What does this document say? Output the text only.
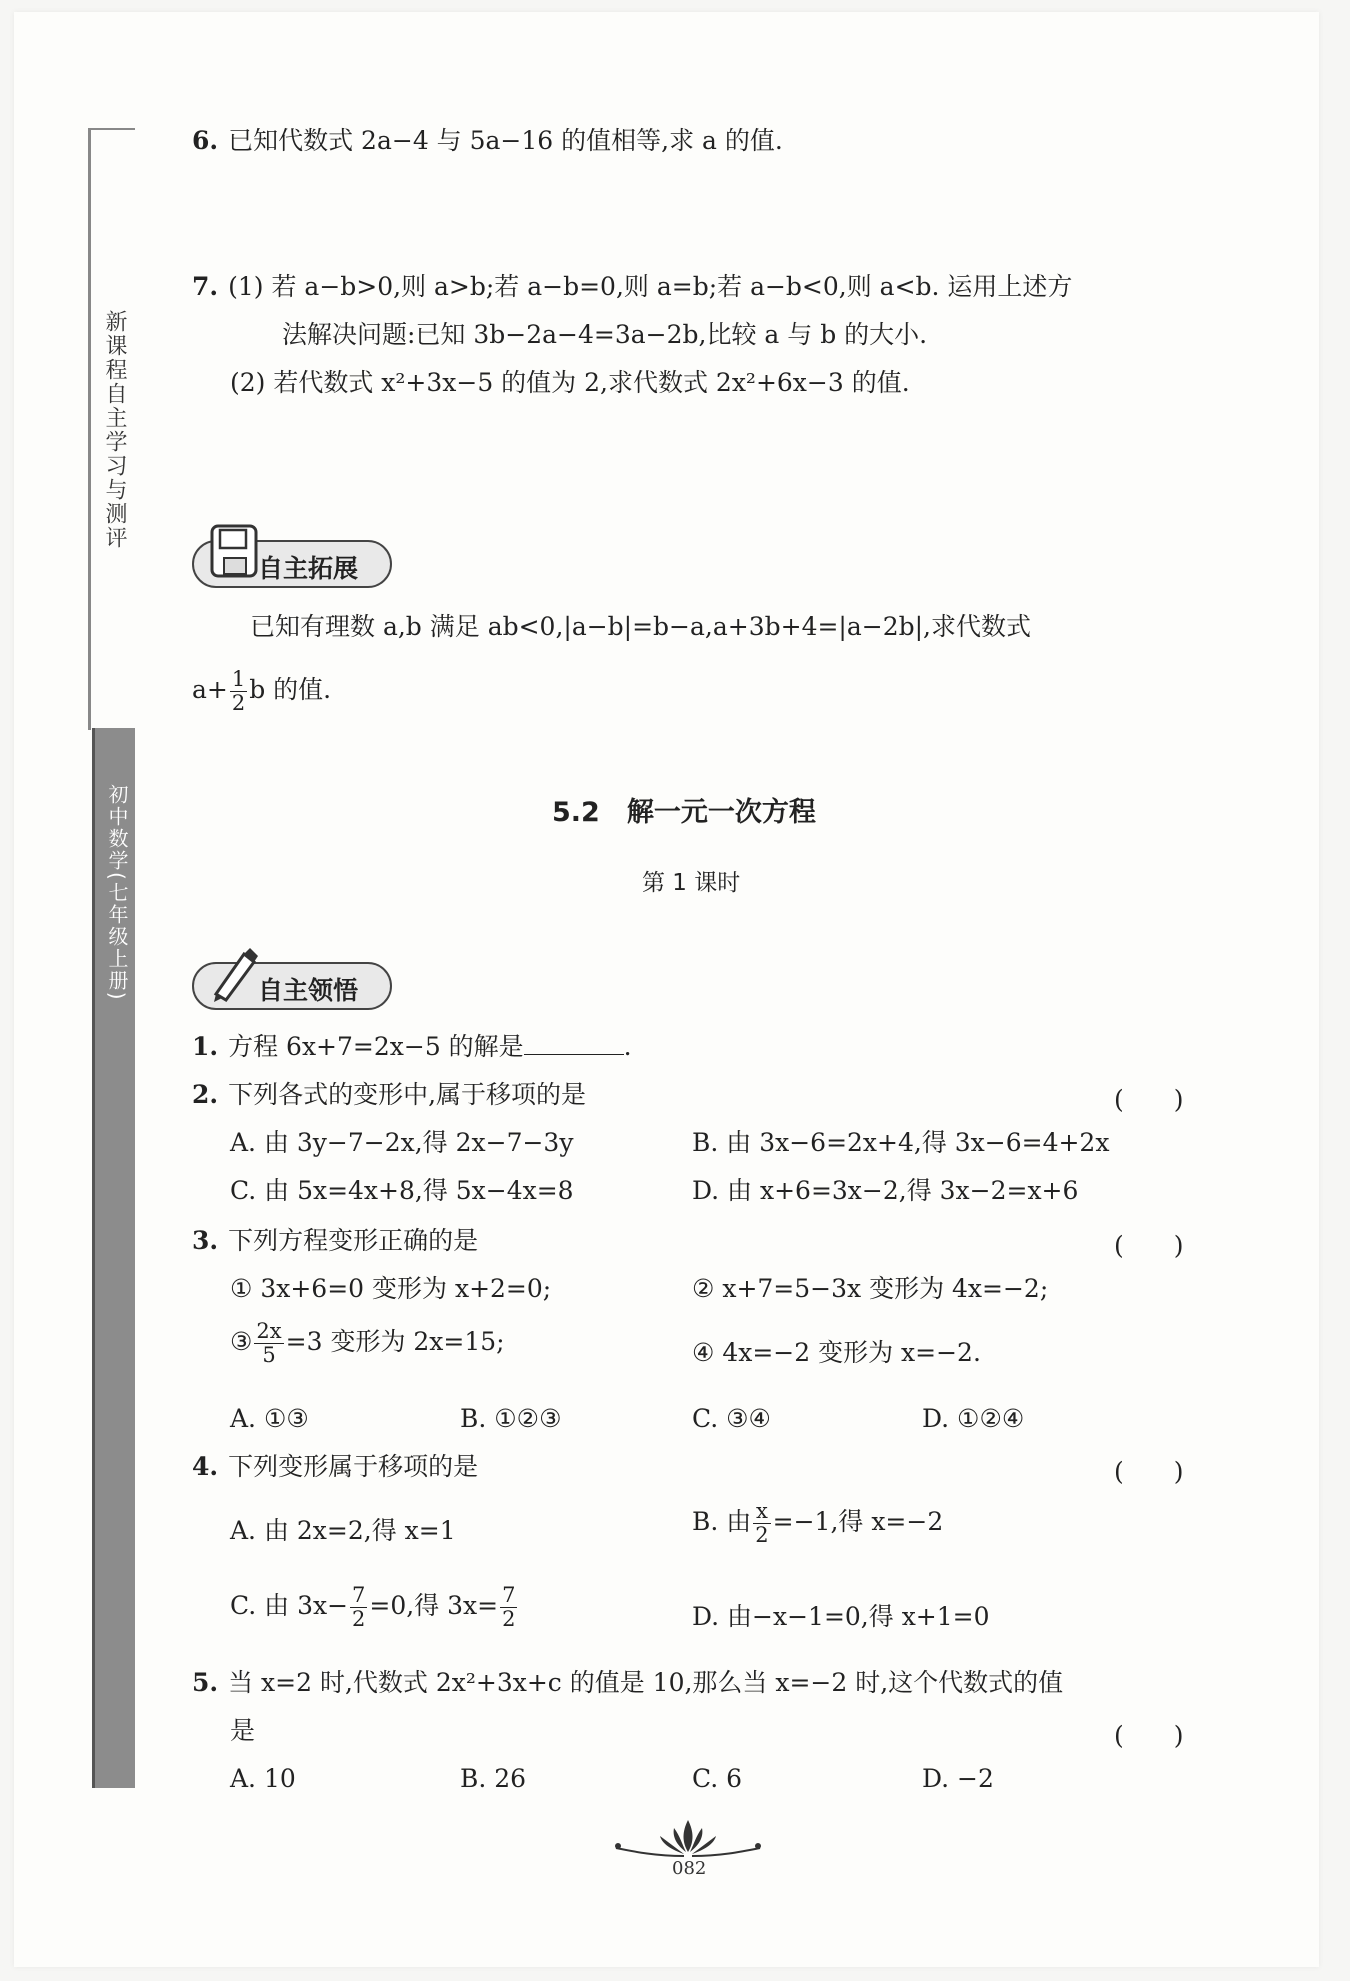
新课程自主学习与测评
初中数学(七年级上册)
6. 已知代数式 2a−4 与 5a−16 的值相等,求 a 的值.
7. (1) 若 a−b>0,则 a>b;若 a−b=0,则 a=b;若 a−b<0,则 a<b. 运用上述方
法解决问题:已知 3b−2a−4=3a−2b,比较 a 与 b 的大小.
(2) 若代数式 x²+3x−5 的值为 2,求代数式 2x²+6x−3 的值.
自主拓展
已知有理数 a,b 满足 ab<0,|a−b|=b−a,a+3b+4=|a−2b|,求代数式
$a+ \frac{1}{2}$ b 的值.
5.2　解一元一次方程
第 1 课时
自主领悟
1. 方程 6x+7=2x−5 的解是	.
2. 下列各式的变形中,属于移项的是	(　　)
A. 由 3y−7−2x,得 2x−7−3y	B. 由 3x−6=2x+4,得 3x−6=4+2x
C. 由 5x=4x+8,得 5x−4x=8	D. 由 x+6=3x−2,得 3x−2=x+6
3. 下列方程变形正确的是	(　　)
① 3x+6=0 变形为 x+2=0;	② x+7=5−3x 变形为 4x=−2;
③ $\frac{2x}{5} =3$ 变形为 2x=15;	④ 4x=−2 变形为 x=−2.
A. ①③	B. ①②③	C. ③④	D. ①②④
4. 下列变形属于移项的是	(　　)
A. 由 2x=2,得 x=1	B. 由 $\frac{x}{2} =-1$,得 x=−2
C. 由 $3x- \frac{7}{2} =0$,得 $3x= \frac{7}{2}$	D. 由−x−1=0,得 x+1=0
5. 当 x=2 时,代数式 2x²+3x+c 的值是 10,那么当 x=−2 时,这个代数式的值
是	(　　)
A. 10	B. 26	C. 6	D. −2
082
